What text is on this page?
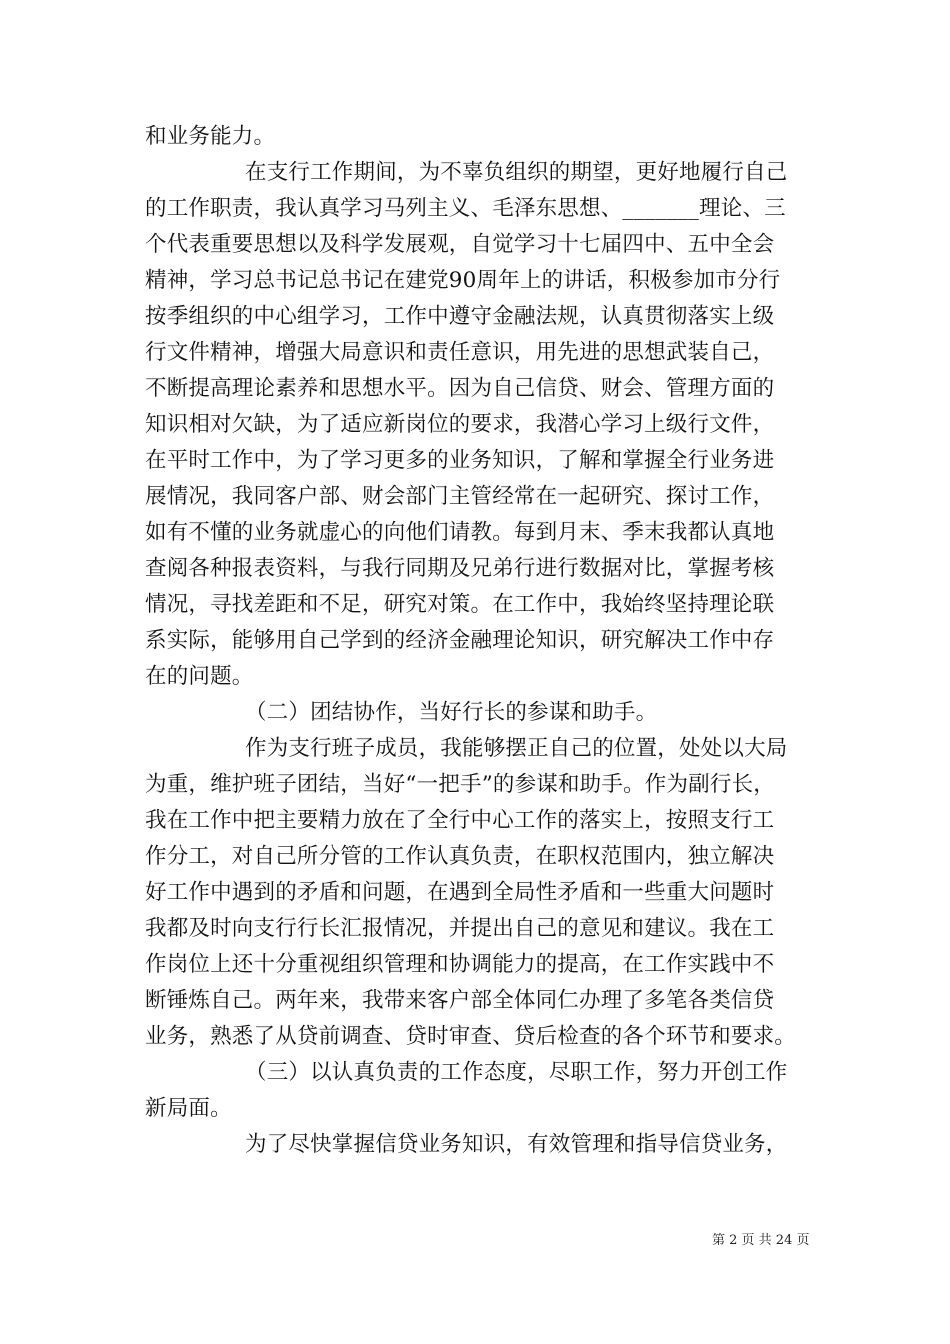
和业务能力。
在支行工作期间，为不辜负组织的期望，更好地履行自己
的工作职责，我认真学习马列主义、毛泽东思想、_______理论、三
个代表重要思想以及科学发展观，自觉学习十七届四中、五中全会
精神，学习总书记总书记在建党90周年上的讲话，积极参加市分行
按季组织的中心组学习，工作中遵守金融法规，认真贯彻落实上级
行文件精神，增强大局意识和责任意识，用先进的思想武装自己，
不断提高理论素养和思想水平。因为自己信贷、财会、管理方面的
知识相对欠缺，为了适应新岗位的要求，我潜心学习上级行文件，
在平时工作中，为了学习更多的业务知识，了解和掌握全行业务进
展情况，我同客户部、财会部门主管经常在一起研究、探讨工作，
如有不懂的业务就虚心的向他们请教。每到月末、季末我都认真地
查阅各种报表资料，与我行同期及兄弟行进行数据对比，掌握考核
情况，寻找差距和不足，研究对策。在工作中，我始终坚持理论联
系实际，能够用自己学到的经济金融理论知识，研究解决工作中存
在的问题。
（二）团结协作，当好行长的参谋和助手。
作为支行班子成员，我能够摆正自己的位置，处处以大局
为重，维护班子团结，当好“一把手”的参谋和助手。作为副行长，
我在工作中把主要精力放在了全行中心工作的落实上，按照支行工
作分工，对自己所分管的工作认真负责，在职权范围内，独立解决
好工作中遇到的矛盾和问题，在遇到全局性矛盾和一些重大问题时
我都及时向支行行长汇报情况，并提出自己的意见和建议。我在工
作岗位上还十分重视组织管理和协调能力的提高，在工作实践中不
断锤炼自己。两年来，我带来客户部全体同仁办理了多笔各类信贷
业务，熟悉了从贷前调查、贷时审查、贷后检查的各个环节和要求。
（三）以认真负责的工作态度，尽职工作，努力开创工作
新局面。
为了尽快掌握信贷业务知识，有效管理和指导信贷业务，
第 2 页 共 24 页
